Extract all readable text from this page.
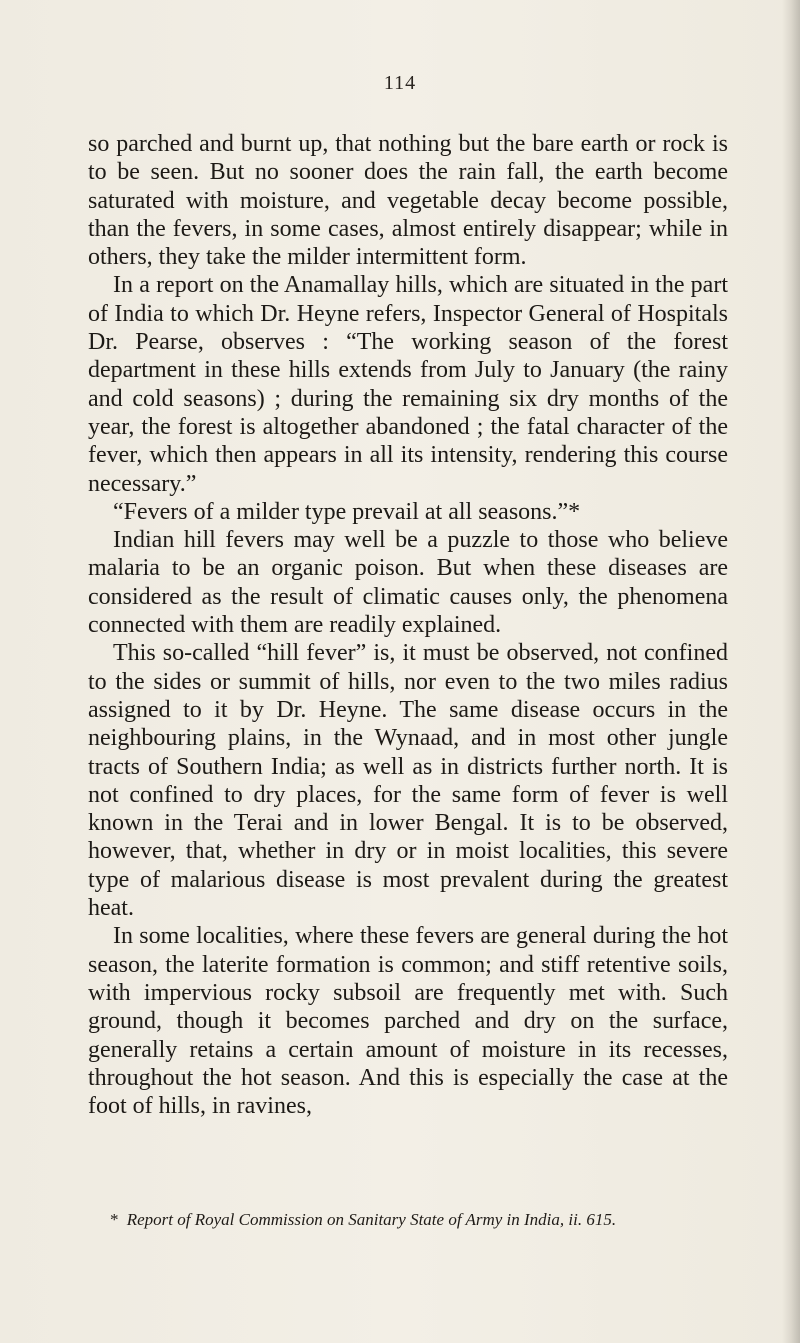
114

so parched and burnt up, that nothing but the bare earth or rock is to be seen. But no sooner does the rain fall, the earth become saturated with moisture, and vegetable decay become possible, than the fevers, in some cases, almost entirely disappear; while in others, they take the milder intermittent form.

In a report on the Anamallay hills, which are situated in the part of India to which Dr. Heyne refers, Inspector General of Hospitals Dr. Pearse, observes : “The working season of the forest department in these hills extends from July to January (the rainy and cold seasons) ; during the remaining six dry months of the year, the forest is altogether abandoned ; the fatal character of the fever, which then appears in all its intensity, rendering this course necessary.”

“Fevers of a milder type prevail at all seasons.”*

Indian hill fevers may well be a puzzle to those who believe malaria to be an organic poison. But when these diseases are considered as the result of climatic causes only, the phenomena connected with them are readily explained.

This so-called “hill fever” is, it must be observed, not confined to the sides or summit of hills, nor even to the two miles radius assigned to it by Dr. Heyne. The same disease occurs in the neighbouring plains, in the Wynaad, and in most other jungle tracts of Southern India; as well as in districts further north. It is not confined to dry places, for the same form of fever is well known in the Terai and in lower Bengal. It is to be observed, however, that, whether in dry or in moist localities, this severe type of malarious disease is most prevalent during the greatest heat.

In some localities, where these fevers are general during the hot season, the laterite formation is common; and stiff retentive soils, with impervious rocky subsoil are frequently met with. Such ground, though it becomes parched and dry on the surface, generally retains a certain amount of moisture in its recesses, throughout the hot season. And this is especially the case at the foot of hills, in ravines,

* Report of Royal Commission on Sanitary State of Army in India, ii. 615.
